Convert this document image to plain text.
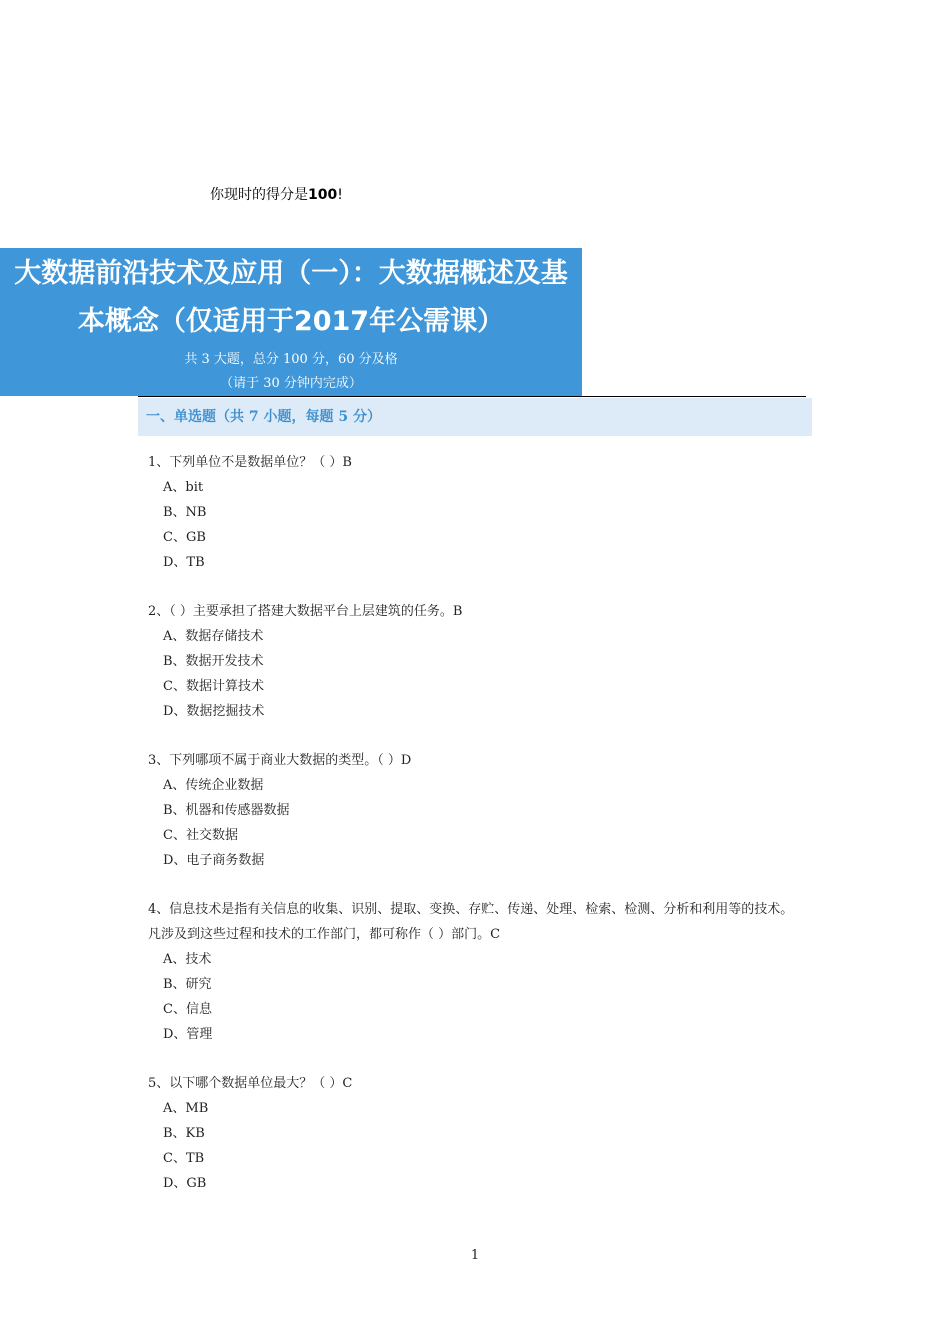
你现时的得分是100!
大数据前沿技术及应用（一）：大数据概述及基
本概念（仅适用于2017年公需课）
共 3 大题，总分 100 分，60 分及格
（请于 30 分钟内完成）
一、单选题（共 7 小题，每题 5 分）
1、下列单位不是数据单位？（ ）B
A、bit
B、NB
C、GB
D、TB
2、（ ）主要承担了搭建大数据平台上层建筑的任务。B
A、数据存储技术
B、数据开发技术
C、数据计算技术
D、数据挖掘技术
3、下列哪项不属于商业大数据的类型。（ ）D
A、传统企业数据
B、机器和传感器数据
C、社交数据
D、电子商务数据
4、信息技术是指有关信息的收集、识别、提取、变换、存贮、传递、处理、检索、检测、分析和利用等的技术。
凡涉及到这些过程和技术的工作部门，都可称作（ ）部门。C
A、技术
B、研究
C、信息
D、管理
5、以下哪个数据单位最大？（ ）C
A、MB
B、KB
C、TB
D、GB
1
